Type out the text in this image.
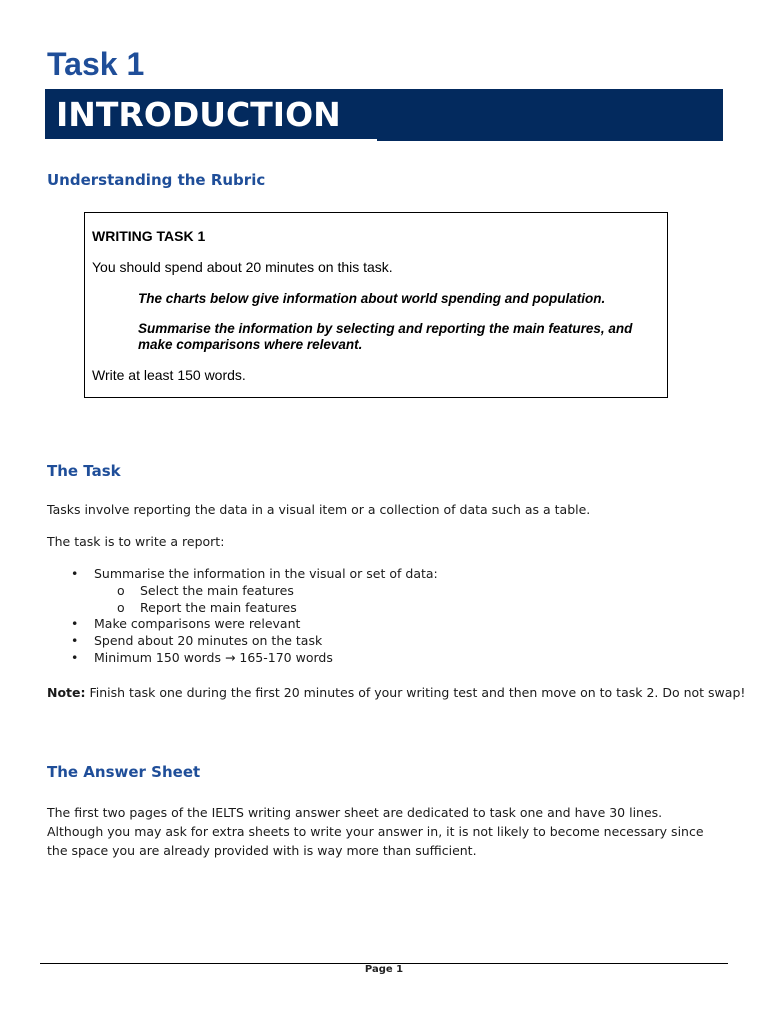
Task 1
INTRODUCTION
Understanding the Rubric
WRITING TASK 1
You should spend about 20 minutes on this task.
The charts below give information about world spending and population.
Summarise the information by selecting and reporting the main features, and make comparisons where relevant.
Write at least 150 words.
The Task

Tasks involve reporting the data in a visual item or a collection of data such as a table.

The task is to write a report:

• Summarise the information in the visual or set of data:
o Select the main features
o Report the main features
• Make comparisons were relevant
• Spend about 20 minutes on the task
• Minimum 150 words → 165-170 words

Note: Finish task one during the first 20 minutes of your writing test and then move on to task 2. Do not swap!

The Answer Sheet

The first two pages of the IELTS writing answer sheet are dedicated to task one and have 30 lines. Although you may ask for extra sheets to write your answer in, it is not likely to become necessary since the space you are already provided with is way more than sufficient.

Page 1
